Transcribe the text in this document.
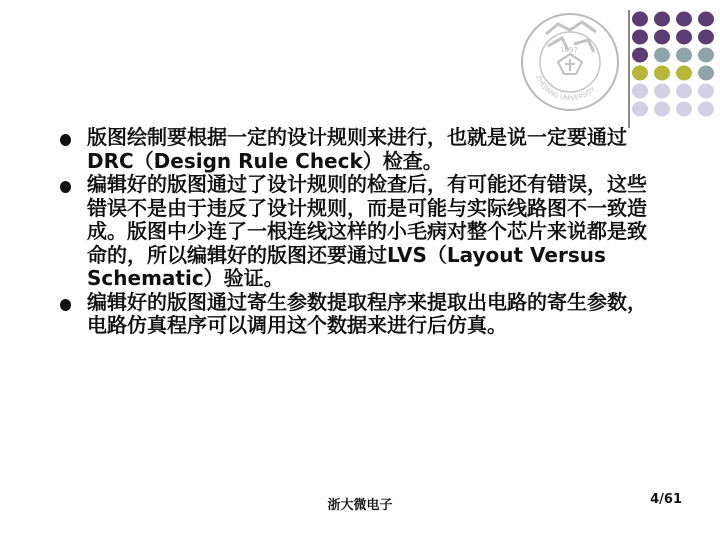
1897
ZHEJIANG UNIVERSITY
版图绘制要根据一定的设计规则来进行，也就是说一定要通过DRC（Design Rule Check）检查。
编辑好的版图通过了设计规则的检查后，有可能还有错误，这些错误不是由于违反了设计规则，而是可能与实际线路图不一致造成。版图中少连了一根连线这样的小毛病对整个芯片来说都是致命的，所以编辑好的版图还要通过LVS（Layout Versus Schematic）验证。
编辑好的版图通过寄生参数提取程序来提取出电路的寄生参数，电路仿真程序可以调用这个数据来进行后仿真。
浙大微电子	4/61
